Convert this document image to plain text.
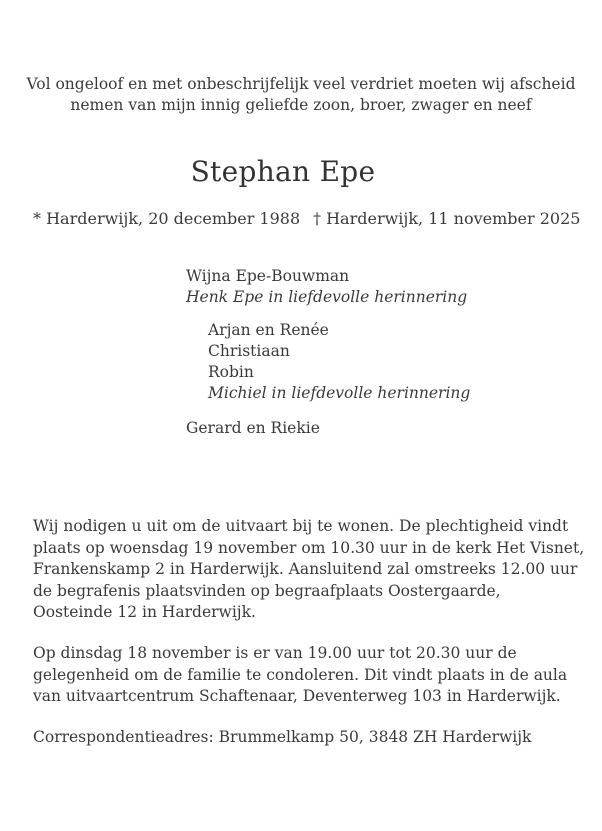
Vol ongeloof en met onbeschrijfelijk veel verdriet moeten wij afscheid
nemen van mijn innig geliefde zoon, broer, zwager en neef
Stephan Epe
* Harderwijk, 20 december 1988 † Harderwijk, 11 november 2025
Wijna Epe-Bouwman
Henk Epe in liefdevolle herinnering
Arjan en Renée
Christiaan
Robin
Michiel in liefdevolle herinnering
Gerard en Riekie
Wij nodigen u uit om de uitvaart bij te wonen. De plechtigheid vindt
plaats op woensdag 19 november om 10.30 uur in de kerk Het Visnet,
Frankenskamp 2 in Harderwijk. Aansluitend zal omstreeks 12.00 uur
de begrafenis plaatsvinden op begraafplaats Oostergaarde,
Oosteinde 12 in Harderwijk.
Op dinsdag 18 november is er van 19.00 uur tot 20.30 uur de
gelegenheid om de familie te condoleren. Dit vindt plaats in de aula
van uitvaartcentrum Schaftenaar, Deventerweg 103 in Harderwijk.
Correspondentieadres: Brummelkamp 50, 3848 ZH Harderwijk
